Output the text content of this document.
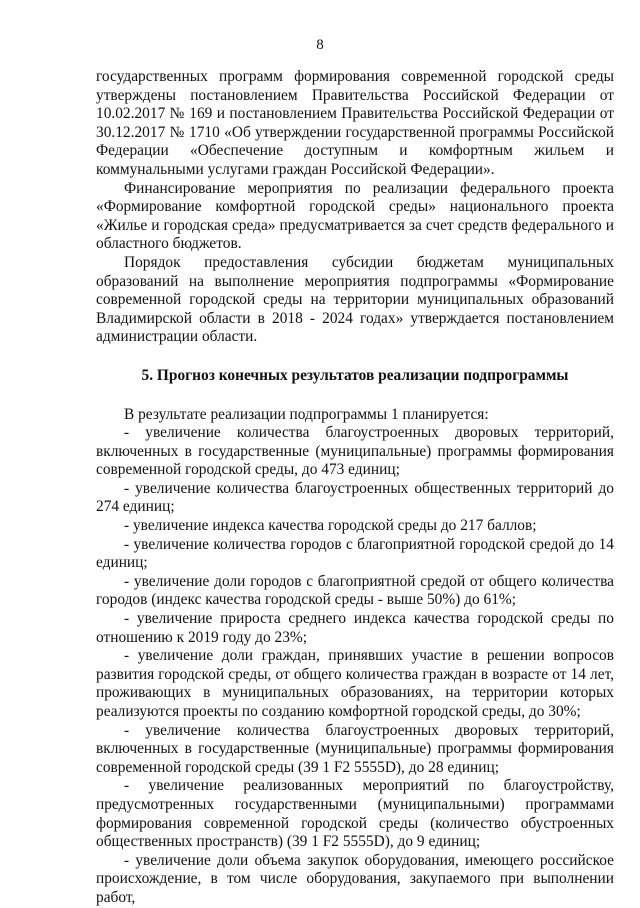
8

государственных программ формирования современной городской среды утверждены постановлением Правительства Российской Федерации от 10.02.2017 № 169 и постановлением Правительства Российской Федерации от 30.12.2017 № 1710 «Об утверждении государственной программы Российской Федерации «Обеспечение доступным и комфортным жильем и коммунальными услугами граждан Российской Федерации».

Финансирование мероприятия по реализации федерального проекта «Формирование комфортной городской среды» национального проекта «Жилье и городская среда» предусматривается за счет средств федерального и областного бюджетов.

Порядок предоставления субсидии бюджетам муниципальных образований на выполнение мероприятия подпрограммы «Формирование современной городской среды на территории муниципальных образований Владимирской области в 2018 - 2024 годах» утверждается постановлением администрации области.

5. Прогноз конечных результатов реализации подпрограммы

В результате реализации подпрограммы 1 планируется:

- увеличение количества благоустроенных дворовых территорий, включенных в государственные (муниципальные) программы формирования современной городской среды, до 473 единиц;

- увеличение количества благоустроенных общественных территорий до 274 единиц;

- увеличение индекса качества городской среды до 217 баллов;

- увеличение количества городов с благоприятной городской средой до 14 единиц;

- увеличение доли городов с благоприятной средой от общего количества городов (индекс качества городской среды - выше 50%) до 61%;

- увеличение прироста среднего индекса качества городской среды по отношению к 2019 году до 23%;

- увеличение доли граждан, принявших участие в решении вопросов развития городской среды, от общего количества граждан в возрасте от 14 лет, проживающих в муниципальных образованиях, на территории которых реализуются проекты по созданию комфортной городской среды, до 30%;

- увеличение количества благоустроенных дворовых территорий, включенных в государственные (муниципальные) программы формирования современной городской среды (39 1 F2 5555D), до 28 единиц;

- увеличение реализованных мероприятий по благоустройству, предусмотренных государственными (муниципальными) программами формирования современной городской среды (количество обустроенных общественных пространств) (39 1 F2 5555D), до 9 единиц;

- увеличение доли объема закупок оборудования, имеющего российское происхождение, в том числе оборудования, закупаемого при выполнении работ,
